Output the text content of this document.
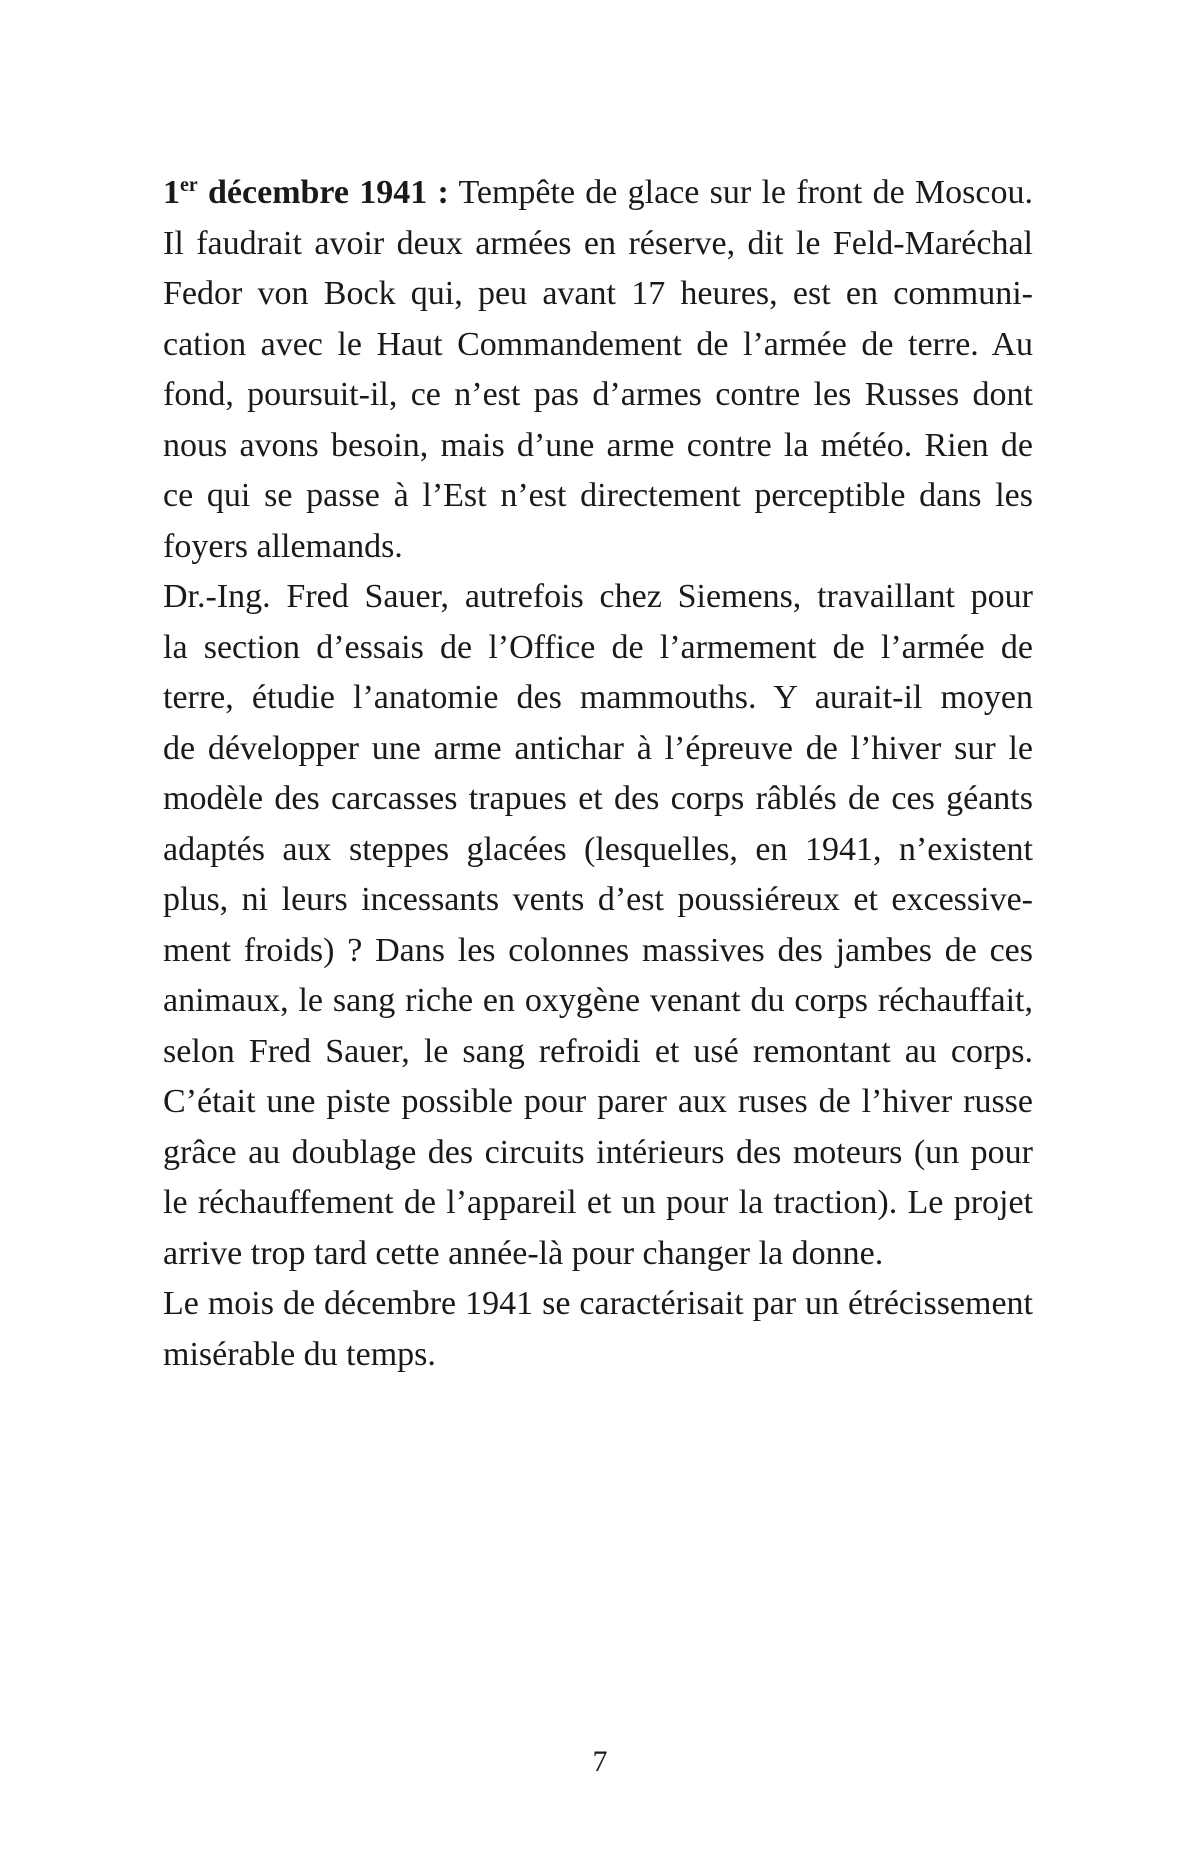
1er décembre 1941 : Tempête de glace sur le front de Moscou.
Il faudrait avoir deux armées en réserve, dit le Feld-Maréchal
Fedor von Bock qui, peu avant 17 heures, est en communi-
cation avec le Haut Commandement de l’armée de terre. Au
fond, poursuit-il, ce n’est pas d’armes contre les Russes dont
nous avons besoin, mais d’une arme contre la météo. Rien de
ce qui se passe à l’Est n’est directement perceptible dans les
foyers allemands.

Dr.-Ing. Fred Sauer, autrefois chez Siemens, travaillant pour
la section d’essais de l’Office de l’armement de l’armée de
terre, étudie l’anatomie des mammouths. Y aurait-il moyen
de développer une arme antichar à l’épreuve de l’hiver sur le
modèle des carcasses trapues et des corps râblés de ces géants
adaptés aux steppes glacées (lesquelles, en 1941, n’existent
plus, ni leurs incessants vents d’est poussiéreux et excessive-
ment froids) ? Dans les colonnes massives des jambes de ces
animaux, le sang riche en oxygène venant du corps réchauffait,
selon Fred Sauer, le sang refroidi et usé remontant au corps.
C’était une piste possible pour parer aux ruses de l’hiver russe
grâce au doublage des circuits intérieurs des moteurs (un pour
le réchauffement de l’appareil et un pour la traction). Le projet
arrive trop tard cette année-là pour changer la donne.

Le mois de décembre 1941 se caractérisait par un étrécissement
misérable du temps.

7
